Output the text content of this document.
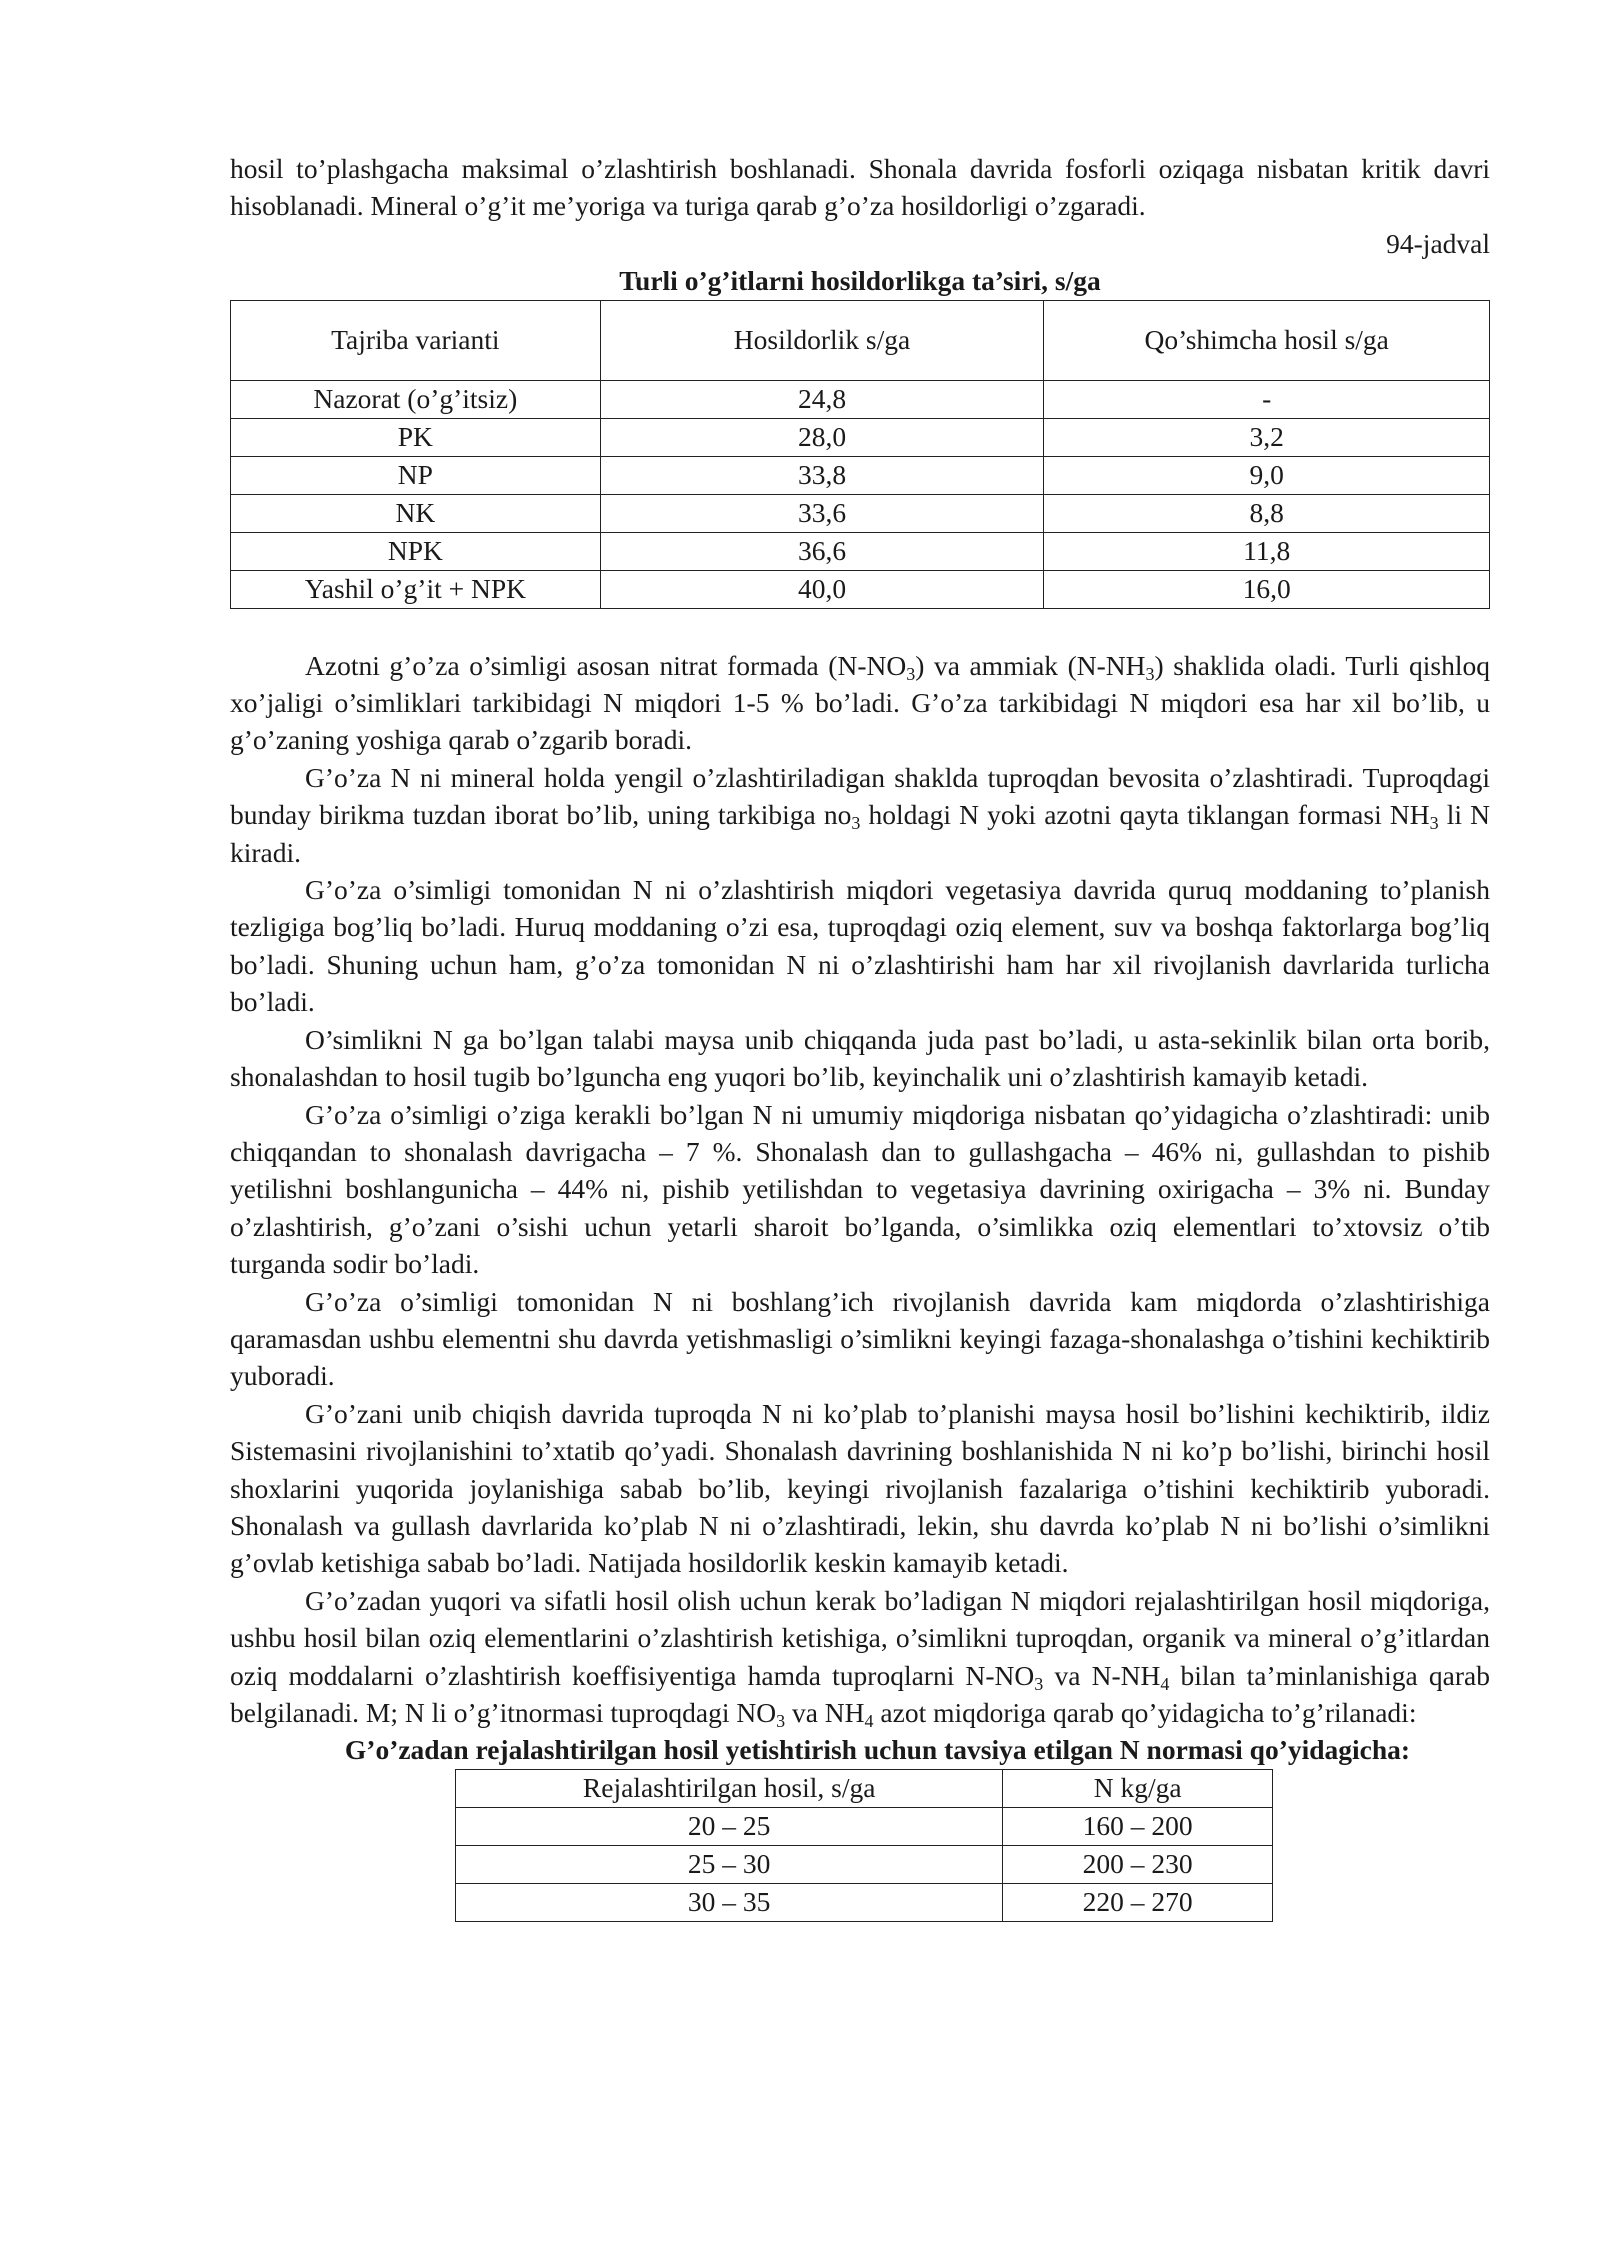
hosil to’plashgacha maksimal o’zlashtirish boshlanadi. Shonala davrida fosforli oziqaga nisbatan kritik davri hisoblanadi. Mineral o’g’it me’yoriga va turiga qarab g’o’za hosildorligi o’zgaradi.

94-jadval
Turli o’g’itlarni hosildorlikga ta’siri, s/ga
Tajriba varianti	Hosildorlik s/ga	Qo’shimcha hosil s/ga
Nazorat (o’g’itsiz)	24,8	-
PK	28,0	3,2
NP	33,8	9,0
NK	33,6	8,8
NPK	36,6	11,8
Yashil o’g’it + NPK	40,0	16,0

Azotni g’o’za o’simligi asosan nitrat formada $(N-NO_3)$ va ammiak $(N-NH_3)$ shaklida oladi. Turli qishloq xo’jaligi o’simliklari tarkibidagi N miqdori 1-5 % bo’ladi. G’o’za tarkibidagi N miqdori esa har xil bo’lib, u g’o’zaning yoshiga qarab o’zgarib boradi.

G’o’za N ni mineral holda yengil o’zlashtiriladigan shaklda tuproqdan bevosita o’zlashtiradi. Tuproqdagi bunday birikma tuzdan iborat bo’lib, uning tarkibiga $no_3$ holdagi N yoki azotni qayta tiklangan formasi $NH_3$ li N kiradi.

G’o’za o’simligi tomonidan N ni o’zlashtirish miqdori vegetasiya davrida quruq moddaning to’planish tezligiga bog’liq bo’ladi. Huruq moddaning o’zi esa, tuproqdagi oziq element, suv va boshqa faktorlarga bog’liq bo’ladi. Shuning uchun ham, g’o’za tomonidan N ni o’zlashtirishi ham har xil rivojlanish davrlarida turlicha bo’ladi.

O’simlikni N ga bo’lgan talabi maysa unib chiqqanda juda past bo’ladi, u asta-sekinlik bilan orta borib, shonalashdan to hosil tugib bo’lguncha eng yuqori bo’lib, keyinchalik uni o’zlashtirish kamayib ketadi.

G’o’za o’simligi o’ziga kerakli bo’lgan N ni umumiy miqdoriga nisbatan qo’yidagicha o’zlashtiradi: unib chiqqandan to shonalash davrigacha – 7 %. Shonalash dan to gullashgacha – 46% ni, gullashdan to pishib yetilishni boshlangunicha – 44% ni, pishib yetilishdan to vegetasiya davrining oxirigacha – 3% ni. Bunday o’zlashtirish, g’o’zani o’sishi uchun yetarli sharoit bo’lganda, o’simlikka oziq elementlari to’xtovsiz o’tib turganda sodir bo’ladi.

G’o’za o’simligi tomonidan N ni boshlang’ich rivojlanish davrida kam miqdorda o’zlashtirishiga qaramasdan ushbu elementni shu davrda yetishmasligi o’simlikni keyingi fazaga-shonalashga o’tishini kechiktirib yuboradi.

G’o’zani unib chiqish davrida tuproqda N ni ko’plab to’planishi maysa hosil bo’lishini kechiktirib, ildiz Sistemasini rivojlanishini to’xtatib qo’yadi. Shonalash davrining boshlanishida N ni ko’p bo’lishi, birinchi hosil shoxlarini yuqorida joylanishiga sabab bo’lib, keyingi rivojlanish fazalariga o’tishini kechiktirib yuboradi. Shonalash va gullash davrlarida ko’plab N ni o’zlashtiradi, lekin, shu davrda ko’plab N ni bo’lishi o’simlikni g’ovlab ketishiga sabab bo’ladi. Natijada hosildorlik keskin kamayib ketadi.

G’o’zadan yuqori va sifatli hosil olish uchun kerak bo’ladigan N miqdori rejalashtirilgan hosil miqdoriga, ushbu hosil bilan oziq elementlarini o’zlashtirish ketishiga, o’simlikni tuproqdan, organik va mineral o’g’itlardan oziq moddalarni o’zlashtirish koeffisiyentiga hamda tuproqlarni $N-NO_3$ va $N-NH_4$ bilan ta’minlanishiga qarab belgilanadi. M; N li o’g’itnormasi tuproqdagi $NO_3$ va $NH_4$ azot miqdoriga qarab qo’yidagicha to’g’rilanadi:

G’o’zadan rejalashtirilgan hosil yetishtirish uchun tavsiya etilgan N normasi qo’yidagicha:
Rejalashtirilgan hosil, s/ga	N kg/ga
20 – 25	160 – 200
25 – 30	200 – 230
30 – 35	220 – 270
